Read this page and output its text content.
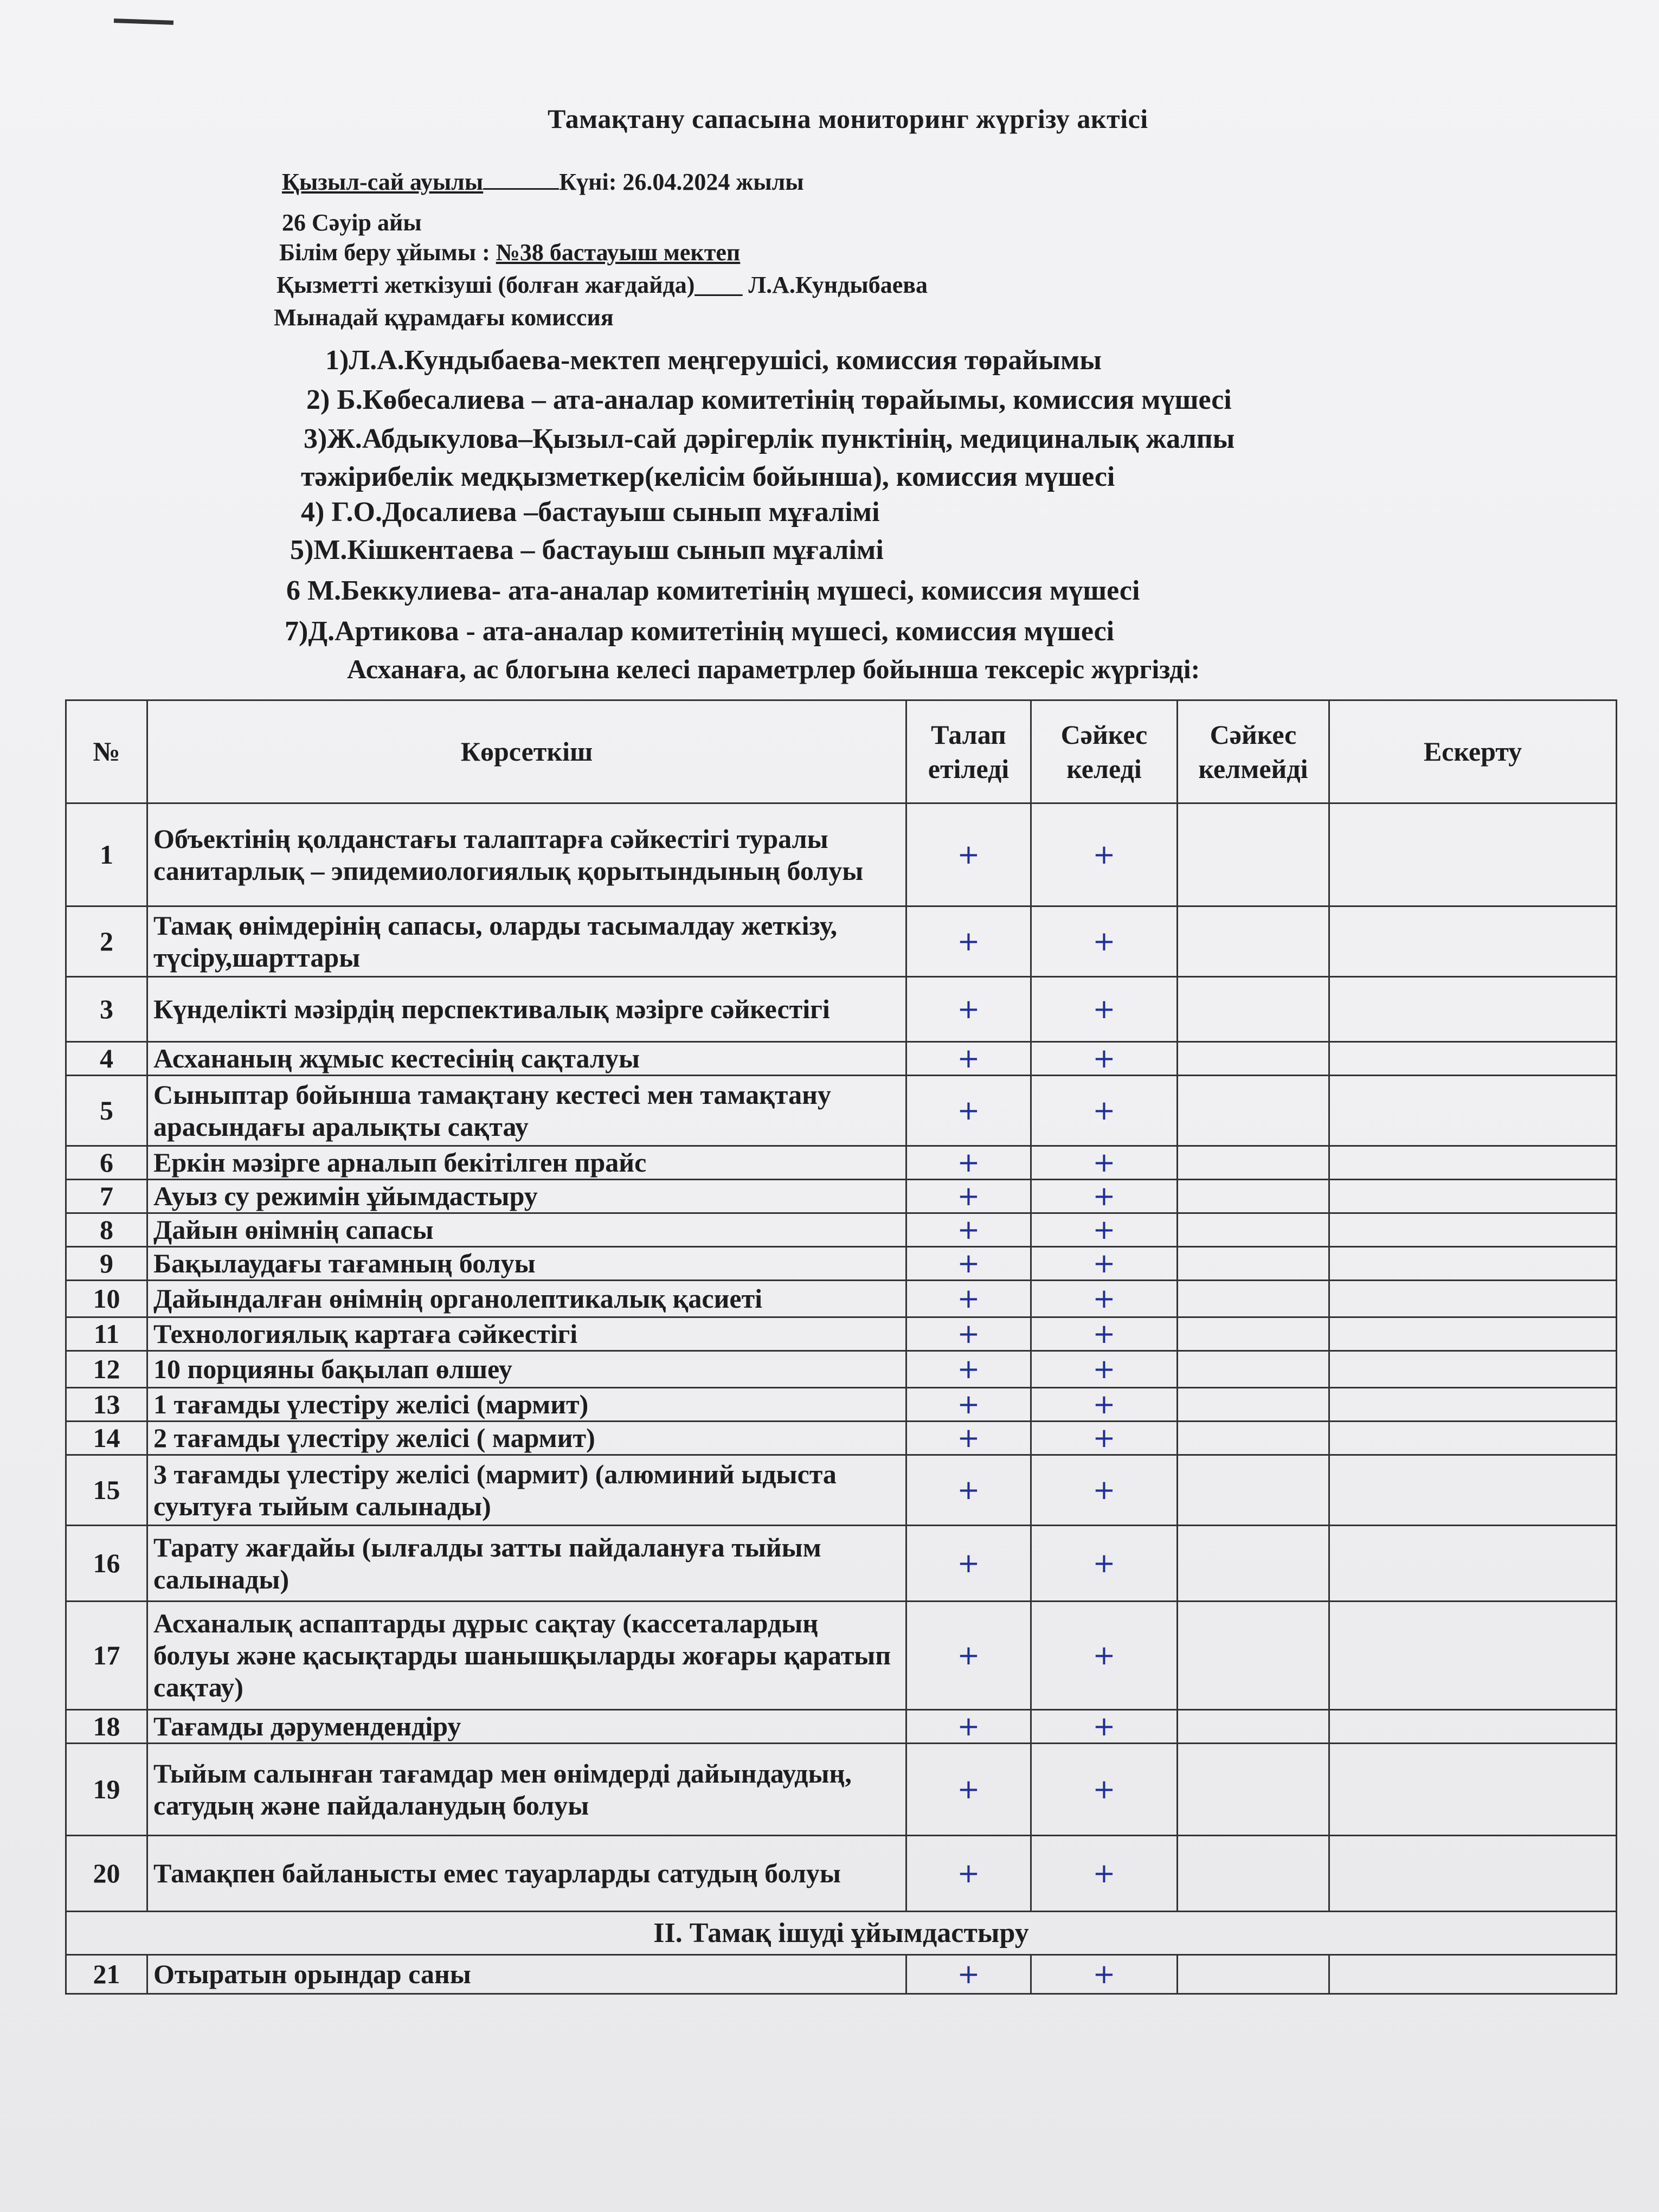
Тамақтану сапасына мониторинг жүргізу актісі
Қызыл-сай ауылы	Күні: 26.04.2024 жылы
26 Сәуір айы
Білім беру ұйымы : №38 бастауыш мектеп
Қызметті жеткізуші (болған жағдайда)____ Л.А.Кундыбаева
Мынадай құрамдағы комиссия
1)Л.А.Кундыбаева-мектеп меңгерушісі, комиссия төрайымы
2) Б.Көбесалиева – ата-аналар комитетінің төрайымы, комиссия мүшесі
3)Ж.Абдыкулова–Қызыл-сай дәрігерлік пунктінің, медициналық жалпы
тәжірибелік медқызметкер(келісім бойынша), комиссия мүшесі
4) Г.О.Досалиева –бастауыш сынып мұғалімі
5)М.Кішкентаева – бастауыш сынып мұғалімі
6 М.Беккулиева- ата-аналар комитетінің мүшесі, комиссия мүшесі
7)Д.Артикова - ата-аналар комитетінің мүшесі, комиссия мүшесі
Асханаға, ас блогына келесі параметрлер бойынша тексеріс жүргізді:
№	Көрсеткіш	Талап етіледі	Сәйкес келеді	Сәйкес келмейді	Ескерту
1	Объектінің қолданстағы талаптарға сәйкестігі туралы санитарлық – эпидемиологиялық қорытындының болуы	+	+		
2	Тамақ өнімдерінің сапасы, оларды тасымалдау жеткізу, түсіру,шарттары	+	+		
3	Күнделікті мәзірдің перспективалық мәзірге сәйкестігі	+	+		
4	Асхананың жұмыс кестесінің сақталуы	+	+		
5	Сыныптар бойынша тамақтану кестесі мен тамақтану арасындағы аралықты сақтау	+	+		
6	Еркін мәзірге арналып бекітілген прайс	+	+		
7	Ауыз су режимін ұйымдастыру	+	+		
8	Дайын өнімнің сапасы	+	+		
9	Бақылаудағы тағамның болуы	+	+		
10	Дайындалған өнімнің органолептикалық қасиеті	+	+		
11	Технологиялық картаға сәйкестігі	+	+		
12	10 порцияны бақылап өлшеу	+	+		
13	1 тағамды үлестіру желісі (мармит)	+	+		
14	2 тағамды үлестіру желісі ( мармит)	+	+		
15	3 тағамды үлестіру желісі (мармит) (алюминий ыдыста суытуға тыйым салынады)	+	+		
16	Тарату жағдайы (ылғалды затты пайдалануға тыйым салынады)	+	+		
17	Асханалық аспаптарды дұрыс сақтау (кассеталардың болуы және қасықтарды шанышқыларды жоғары қаратып сақтау)	+	+		
18	Тағамды дәрумендендіру	+	+		
19	Тыйым салынған тағамдар мен өнімдерді дайындаудың, сатудың және пайдаланудың болуы	+	+		
20	Тамақпен байланысты емес тауарларды сатудың болуы	+	+		
ІІ. Тамақ ішуді ұйымдастыру					
21	Отыратын орындар саны	+	+		
